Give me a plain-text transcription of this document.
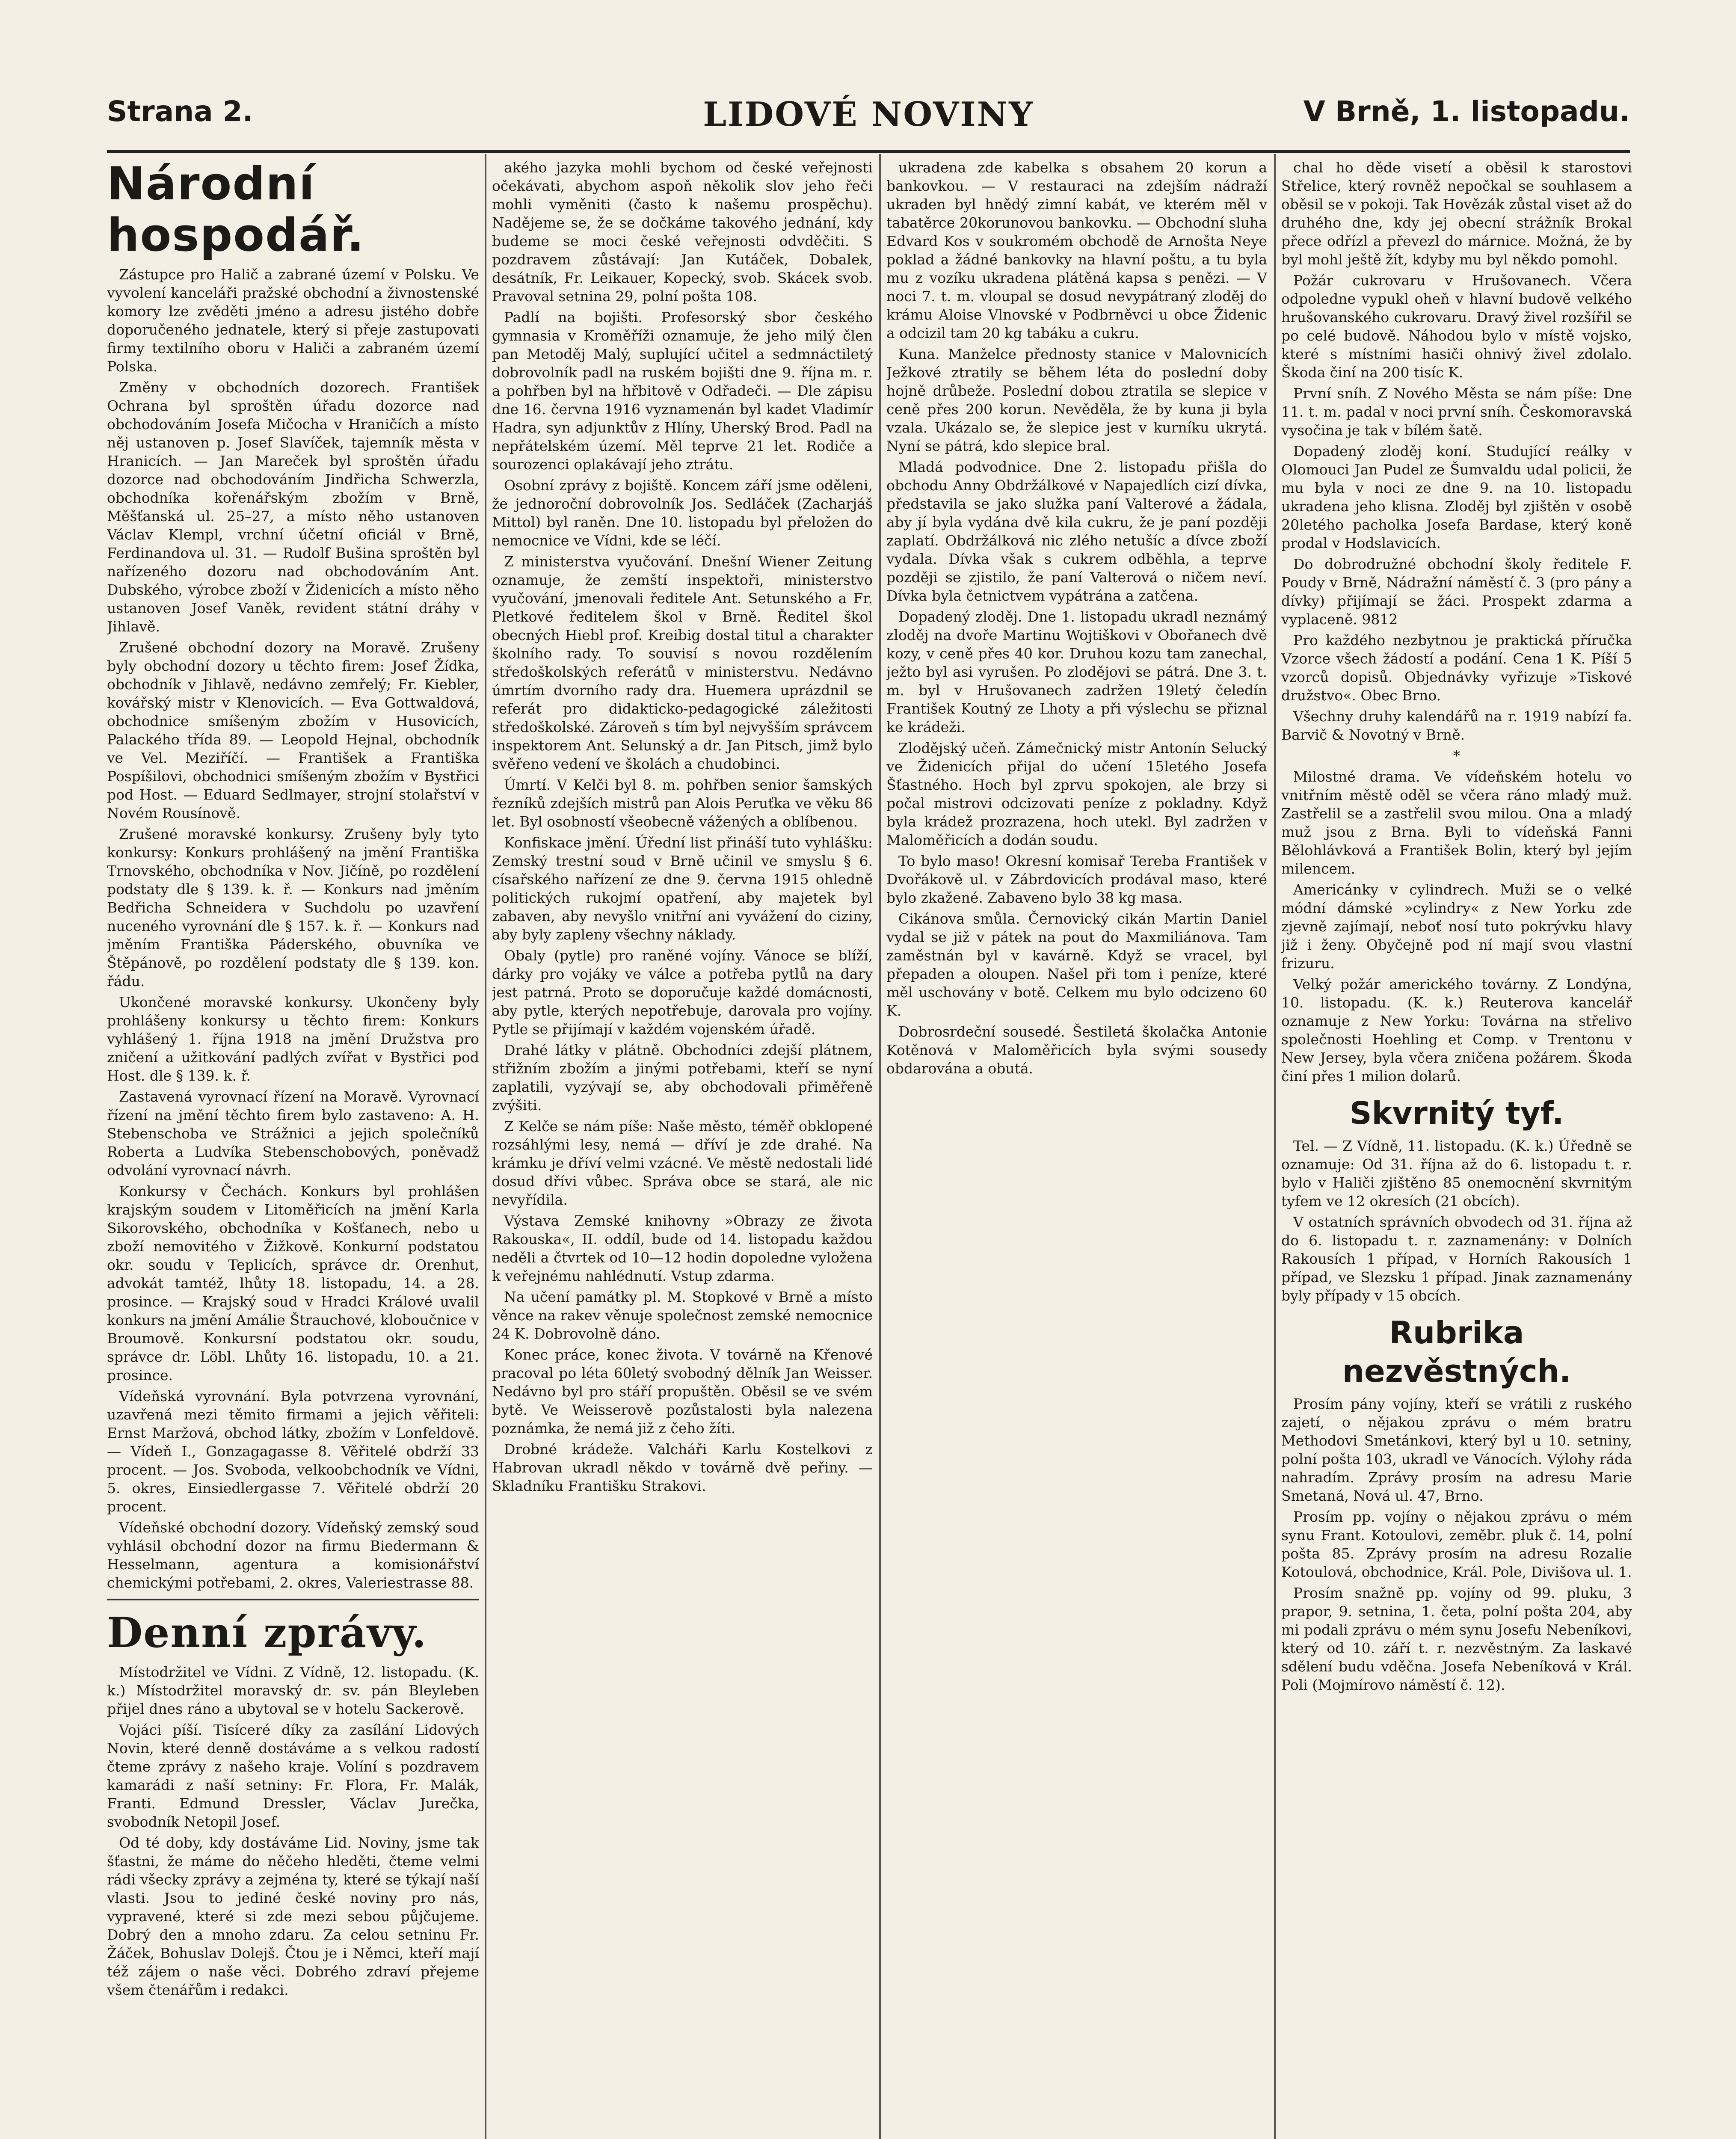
LIDOVÉ NOVINY
Strana 2.	V Brně, 1. listopadu.
Národní hospodář.

Zástupce pro Halič a zabrané území v Polsku. Ve vyvolení kanceláři pražské obchodní a živnostenské komory lze zvěděti jméno a adresu jistého dobře doporučeného jednatele, který si přeje zastupovati firmy textilního oboru v Haliči a zabraném území Polska.

Změny v obchodních dozorech. František Ochrana byl sproštěn úřadu dozorce nad obchodováním Josefa Mičocha v Hraničích a místo něj ustanoven p. Josef Slavíček, tajemník města v Hranicích. — Jan Mareček byl sproštěn úřadu dozorce nad obchodováním Jindřicha Schwerzla, obchodníka kořenářským zbožím v Brně, Měšťanská ul. 25–27, a místo něho ustanoven Václav Klempl, vrchní účetní oficiál v Brně, Ferdinandova ul. 31. — Rudolf Bušina sproštěn byl nařízeného dozoru nad obchodováním Ant. Dubského, výrobce zboží v Židenicích a místo něho ustanoven Josef Vaněk, revident státní dráhy v Jihlavě.

Zrušené obchodní dozory na Moravě. Zrušeny byly obchodní dozory u těchto firem: Josef Žídka, obchodník v Jihlavě, nedávno zemřelý; Fr. Kiebler, kovářský mistr v Klenovicích. — Eva Gottwaldová, obchodnice smíšeným zbožím v Husovicích, Palackého třída 89. — Leopold Hejnal, obchodník ve Vel. Meziříčí. — František a Františka Pospíšilovi, obchodnici smíšeným zbožím v Bystřici pod Host. — Eduard Sedlmayer, strojní stolařství v Novém Rousínově.

Zrušené moravské konkursy. Zrušeny byly tyto konkursy: Konkurs prohlášený na jmění Františka Trnovského, obchodníka v Nov. Jičíně, po rozdělení podstaty dle § 139. k. ř. — Konkurs nad jměním Bedřicha Schneidera v Suchdolu po uzavření nuceného vyrovnání dle § 157. k. ř. — Konkurs nad jměním Františka Páderského, obuvníka ve Štěpánově, po rozdělení podstaty dle § 139. kon. řádu.

Ukončené moravské konkursy. Ukončeny byly prohlášeny konkursy u těchto firem: Konkurs vyhlášený 1. října 1918 na jmění Družstva pro zničení a užitkování padlých zvířat v Bystřici pod Host. dle § 139. k. ř.

Zastavená vyrovnací řízení na Moravě. Vyrovnací řízení na jmění těchto firem bylo zastaveno: A. H. Stebenschoba ve Strážnici a jejich společníků Roberta a Ludvíka Stebenschobových, poněvadž odvolání vyrovnací návrh.

Konkursy v Čechách. Konkurs byl prohlášen krajským soudem v Litoměřicích na jmění Karla Sikorovského, obchodníka v Košťanech, nebo u zboží nemovitého v Žižkově. Konkurní podstatou okr. soudu v Teplicích, správce dr. Orenhut, advokát tamtéž, lhůty 18. listopadu, 14. a 28. prosince. — Krajský soud v Hradci Králové uvalil konkurs na jmění Amálie Štrauchové, kloboučnice v Broumově. Konkursní podstatou okr. soudu, správce dr. Löbl. Lhůty 16. listopadu, 10. a 21. prosince.

Vídeňská vyrovnání. Byla potvrzena vyrovnání, uzavřená mezi těmito firmami a jejich věřiteli: Ernst Maržová, obchod látky, zbožím v Lonfeldově. — Vídeň I., Gonzagagasse 8. Věřitelé obdrží 33 procent. — Jos. Svoboda, velkoobchodník ve Vídni, 5. okres, Einsiedlergasse 7. Věřitelé obdrží 20 procent.

Vídeňské obchodní dozory. Vídeňský zemský soud vyhlásil obchodní dozor na firmu Biedermann & Hesselmann, agentura a komisionářství chemickými potřebami, 2. okres, Valeriestrasse 88.

Denní zprávy.

Místodržitel ve Vídni. Z Vídně, 12. listopadu. (K. k.) Místodržitel moravský dr. sv. pán Bleyleben přijel dnes ráno a ubytoval se v hotelu Sackerově.

Vojáci píší. Tisíceré díky za zasílání Lidových Novin, které denně dostáváme a s velkou radostí čteme zprávy z našeho kraje. Volíní s pozdravem kamarádi z naší setniny: Fr. Flora, Fr. Malák, Franti. Edmund Dressler, Václav Jurečka, svobodník Netopil Josef.

Od té doby, kdy dostáváme Lid. Noviny, jsme tak šťastni, že máme do něčeho hleděti, čteme velmi rádi všecky zprávy a zejména ty, které se týkají naší vlasti. Jsou to jediné české noviny pro nás, vypravené, které si zde mezi sebou půjčujeme. Dobrý den a mnoho zdaru. Za celou setninu Fr. Žáček, Bohuslav Dolejš. Čtou je i Němci, kteří mají též zájem o naše věci. Dobrého zdraví přejeme všem čtenářům i redakci.

akého jazyka mohli bychom od české veřejnosti očekávati, abychom aspoň několik slov jeho řeči mohli vyměniti (často k našemu prospěchu). Nadějeme se, že se dočkáme takového jednání, kdy budeme se moci české veřejnosti odvděčiti. S pozdravem zůstávají: Jan Kutáček, Dobalek, desátník, Fr. Leikauer, Kopecký, svob. Skácek svob. Pravoval setnina 29, polní pošta 108.

Padlí na bojišti. Profesorský sbor českého gymnasia v Kroměříži oznamuje, že jeho milý člen pan Metoděj Malý, suplující učitel a sedmnáctiletý dobrovolník padl na ruském bojišti dne 9. října m. r. a pohřben byl na hřbitově v Odřadeči. — Dle zápisu dne 16. června 1916 vyznamenán byl kadet Vladimír Hadra, syn adjunktův z Hlíny, Uherský Brod. Padl na nepřátelském území. Měl teprve 21 let. Rodiče a sourozenci oplakávají jeho ztrátu.

Osobní zprávy z bojiště. Koncem září jsme oděleni, že jednoroční dobrovolník Jos. Sedláček (Zacharjáš Mittol) byl raněn. Dne 10. listopadu byl přeložen do nemocnice ve Vídni, kde se léčí.

Z ministerstva vyučování. Dnešní Wiener Zeitung oznamuje, že zemští inspektoři, ministerstvo vyučování, jmenovali ředitele Ant. Setunského a Fr. Pletkové ředitelem škol v Brně. Ředitel škol obecných Hiebl prof. Kreibig dostal titul a charakter školního rady. To souvisí s novou rozdělením středoškolských referátů v ministerstvu. Nedávno úmrtím dvorního rady dra. Huemera uprázdnil se referát pro didakticko-pedagogické záležitosti středoškolské. Zároveň s tím byl nejvyšším správcem inspektorem Ant. Selunský a dr. Jan Pitsch, jimž bylo svěřeno vedení ve školách a chudobinci.

Úmrtí. V Kelči byl 8. m. pohřben senior šamských řezníků zdejších mistrů pan Alois Peruťka ve věku 86 let. Byl osobností všeobecně vážených a oblíbenou.

Konfiskace jmění. Úřední list přináší tuto vyhlášku: Zemský trestní soud v Brně učinil ve smyslu § 6. císařského nařízení ze dne 9. června 1915 ohledně politických rukojmí opatření, aby majetek byl zabaven, aby nevyšlo vnitřní ani vyvážení do ciziny, aby byly zapleny všechny náklady.

Obaly (pytle) pro raněné vojíny. Vánoce se blíží, dárky pro vojáky ve válce a potřeba pytlů na dary jest patrná. Proto se doporučuje každé domácnosti, aby pytle, kterých nepotřebuje, darovala pro vojíny. Pytle se přijímají v každém vojenském úřadě.

Drahé látky v plátně. Obchodníci zdejší plátnem, střižním zbožím a jinými potřebami, kteří se nyní zaplatili, vyzývají se, aby obchodovali přiměřeně zvýšiti.

Z Kelče se nám píše: Naše město, téměř obklopené rozsáhlými lesy, nemá — dříví je zde drahé. Na krámku je dříví velmi vzácné. Ve městě nedostali lidé dosud dřívi vůbec. Správa obce se stará, ale nic nevyřídila.

Výstava Zemské knihovny »Obrazy ze života Rakouska«, II. oddíl, bude od 14. listopadu každou neděli a čtvrtek od 10—12 hodin dopoledne vyložena k veřejnému nahlédnutí. Vstup zdarma.

Na učení památky pl. M. Stopkové v Brně a místo věnce na rakev věnuje společnost zemské nemocnice 24 K. Dobrovolně dáno.

Konec práce, konec života. V továrně na Křenové pracoval po léta 60letý svobodný dělník Jan Weisser. Nedávno byl pro stáří propuštěn. Oběsil se ve svém bytě. Ve Weisserově pozůstalosti byla nalezena poznámka, že nemá již z čeho žíti.

Drobné krádeže. Valcháři Karlu Kostelkovi z Habrovan ukradl někdo v továrně dvě peřiny. — Skladníku Františku Strakovi.

ukradena zde kabelka s obsahem 20 korun a bankovkou. — V restauraci na zdejším nádraží ukraden byl hnědý zimní kabát, ve kterém měl v tabatěrce 20korunovou bankovku. — Obchodní sluha Edvard Kos v soukromém obchodě de Arnošta Neye poklad a žádné bankovky na hlavní poštu, a tu byla mu z vozíku ukradena plátěná kapsa s penězi. — V noci 7. t. m. vloupal se dosud nevypátraný zloděj do krámu Aloise Vlnovské v Podbrněvci u obce Židenic a odcizil tam 20 kg tabáku a cukru.

Kuna. Manželce přednosty stanice v Malovnicích Ježkové ztratily se během léta do poslední doby hojně drůbeže. Poslední dobou ztratila se slepice v ceně přes 200 korun. Nevěděla, že by kuna ji byla vzala. Ukázalo se, že slepice jest v kurníku ukrytá. Nyní se pátrá, kdo slepice bral.

Mladá podvodnice. Dne 2. listopadu přišla do obchodu Anny Obdržálkové v Napajedlích cizí dívka, představila se jako služka paní Valterové a žádala, aby jí byla vydána dvě kila cukru, že je paní později zaplatí. Obdržálková nic zlého netušíc a dívce zboží vydala. Dívka však s cukrem odběhla, a teprve později se zjistilo, že paní Valterová o ničem neví. Dívka byla četnictvem vypátrána a zatčena.

Dopadený zloděj. Dne 1. listopadu ukradl neznámý zloděj na dvoře Martinu Wojtiškovi v Obořanech dvě kozy, v ceně přes 40 kor. Druhou kozu tam zanechal, ježto byl asi vyrušen. Po zlodějovi se pátrá. Dne 3. t. m. byl v Hrušovanech zadržen 19letý čeledín František Koutný ze Lhoty a při výslechu se přiznal ke krádeži.

Zlodějský učeň. Zámečnický mistr Antonín Selucký ve Židenicích přijal do učení 15letého Josefa Šťastného. Hoch byl zprvu spokojen, ale brzy si počal mistrovi odcizovati peníze z pokladny. Když byla krádež prozrazena, hoch utekl. Byl zadržen v Maloměřicích a dodán soudu.

To bylo maso! Okresní komisař Tereba František v Dvořákově ul. v Zábrdovicích prodával maso, které bylo zkažené. Zabaveno bylo 38 kg masa.

Cikánova smůla. Černovický cikán Martin Daniel vydal se již v pátek na pout do Maxmiliánova. Tam zaměstnán byl v kavárně. Když se vracel, byl přepaden a oloupen. Našel při tom i peníze, které měl uschovány v botě. Celkem mu bylo odcizeno 60 K.

Dobrosrdeční sousedé. Šestiletá školačka Antonie Kotěnová v Maloměřicích byla svými sousedy obdarována a obutá.

chal ho děde visetí a oběsil k starostovi Střelice, který rovněž nepočkal se souhlasem a oběsil se v pokoji. Tak Hovězák zůstal viset až do druhého dne, kdy jej obecní strážník Brokal přece odřízl a převezl do márnice. Možná, že by byl mohl ještě žít, kdyby mu byl někdo pomohl.

Požár cukrovaru v Hrušovanech. Včera odpoledne vypukl oheň v hlavní budově velkého hrušovanského cukrovaru. Dravý živel rozšířil se po celé budově. Náhodou bylo v místě vojsko, které s místními hasiči ohnivý živel zdolalo. Škoda činí na 200 tisíc K.

První sníh. Z Nového Města se nám píše: Dne 11. t. m. padal v noci první sníh. Českomoravská vysočina je tak v bílém šatě.

Dopadený zloděj koní. Studující reálky v Olomouci Jan Pudel ze Šumvaldu udal policii, že mu byla v noci ze dne 9. na 10. listopadu ukradena jeho klisna. Zloděj byl zjištěn v osobě 20letého pacholka Josefa Bardase, který koně prodal v Hodslavicích.

Do dobrodružné obchodní školy ředitele F. Poudy v Brně, Nádražní náměstí č. 3 (pro pány a dívky) přijímají se žáci. Prospekt zdarma a vyplaceně. 9812

Pro každého nezbytnou je praktická příručka Vzorce všech žádostí a podání. Cena 1 K. Píší 5 vzorců dopisů. Objednávky vyřizuje »Tiskové družstvo«. Obec Brno.

Všechny druhy kalendářů na r. 1919 nabízí fa. Barvič & Novotný v Brně.

*

Milostné drama. Ve vídeňském hotelu vo vnitřním městě oděl se včera ráno mladý muž. Zastřelil se a zastřelil svou milou. Ona a mladý muž jsou z Brna. Byli to vídeňská Fanni Bělohlávková a František Bolin, který byl jejím milencem.

Americánky v cylindrech. Muži se o velké módní dámské »cylindry« z New Yorku zde zjevně zajímají, neboť nosí tuto pokrývku hlavy již i ženy. Obyčejně pod ní mají svou vlastní frizuru.

Velký požár amerického továrny. Z Londýna, 10. listopadu. (K. k.) Reuterova kancelář oznamuje z New Yorku: Továrna na střelivo společnosti Hoehling et Comp. v Trentonu v New Jersey, byla včera zničena požárem. Škoda činí přes 1 milion dolarů.

Skvrnitý tyf.

Tel. — Z Vídně, 11. listopadu. (K. k.) Úředně se oznamuje: Od 31. října až do 6. listopadu t. r. bylo v Haliči zjištěno 85 onemocnění skvrnitým tyfem ve 12 okresích (21 obcích).

V ostatních správních obvodech od 31. října až do 6. listopadu t. r. zaznamenány: v Dolních Rakousích 1 případ, v Horních Rakousích 1 případ, ve Slezsku 1 případ. Jinak zaznamenány byly případy v 15 obcích.

Rubrika nezvěstných.

Prosím pány vojíny, kteří se vrátili z ruského zajetí, o nějakou zprávu o mém bratru Methodovi Smetánkovi, který byl u 10. setniny, polní pošta 103, ukradl ve Vánocích. Výlohy ráda nahradím. Zprávy prosím na adresu Marie Smetaná, Nová ul. 47, Brno.

Prosím pp. vojíny o nějakou zprávu o mém synu Frant. Kotoulovi, zeměbr. pluk č. 14, polní pošta 85. Zprávy prosím na adresu Rozalie Kotoulová, obchodnice, Král. Pole, Divišova ul. 1.

Prosím snažně pp. vojíny od 99. pluku, 3 prapor, 9. setnina, 1. četa, polní pošta 204, aby mi podali zprávu o mém synu Josefu Nebeníkovi, který od 10. září t. r. nezvěstným. Za laskavé sdělení budu vděčna. Josefa Nebeníková v Král. Poli (Mojmírovo náměstí č. 12).
